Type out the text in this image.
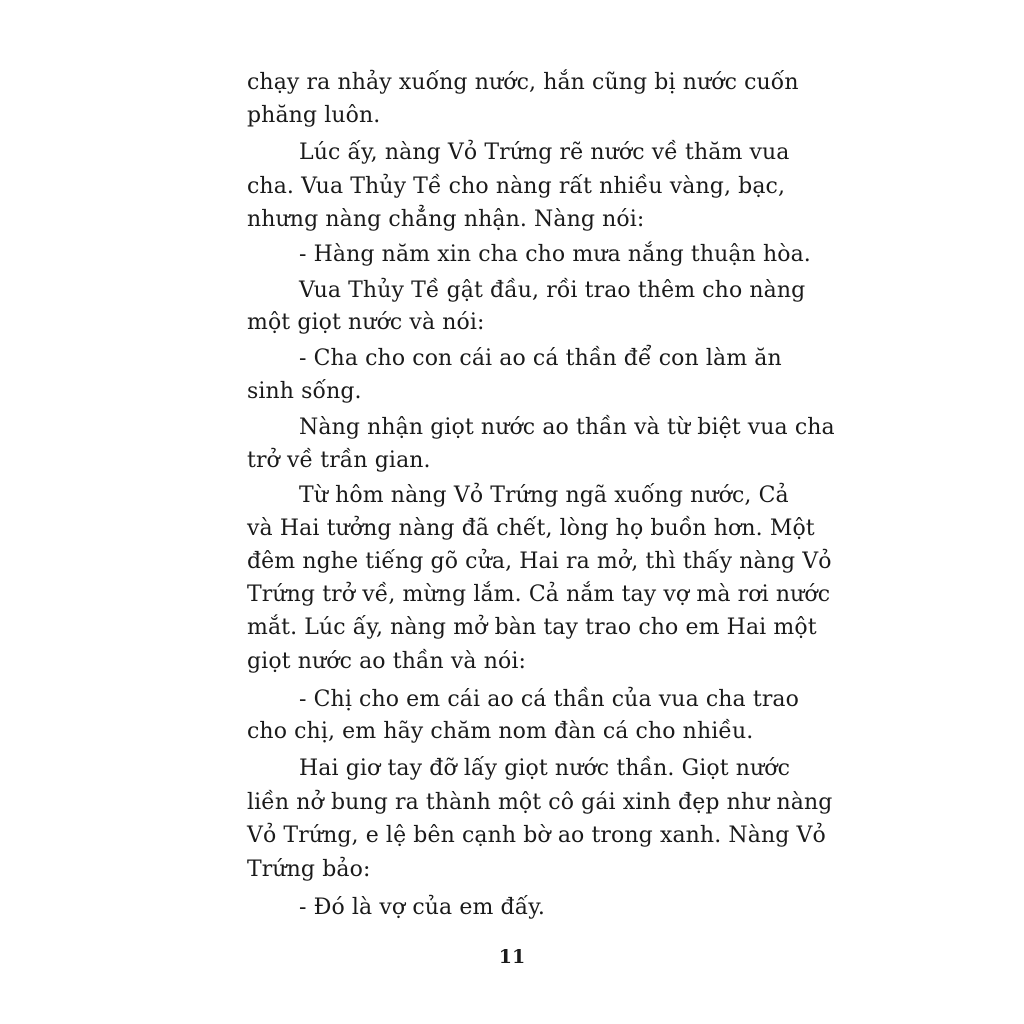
chạy ra nhảy xuống nước, hắn cũng bị nước cuốn
phăng luôn.
Lúc ấy, nàng Vỏ Trứng rẽ nước về thăm vua
cha. Vua Thủy Tề cho nàng rất nhiều vàng, bạc,
nhưng nàng chẳng nhận. Nàng nói:
- Hàng năm xin cha cho mưa nắng thuận hòa.
Vua Thủy Tề gật đầu, rồi trao thêm cho nàng
một giọt nước và nói:
- Cha cho con cái ao cá thần để con làm ăn
sinh sống.
Nàng nhận giọt nước ao thần và từ biệt vua cha
trở về trần gian.
Từ hôm nàng Vỏ Trứng ngã xuống nước, Cả
và Hai tưởng nàng đã chết, lòng họ buồn hơn. Một
đêm nghe tiếng gõ cửa, Hai ra mở, thì thấy nàng Vỏ
Trứng trở về, mừng lắm. Cả nắm tay vợ mà rơi nước
mắt. Lúc ấy, nàng mở bàn tay trao cho em Hai một
giọt nước ao thần và nói:
- Chị cho em cái ao cá thần của vua cha trao
cho chị, em hãy chăm nom đàn cá cho nhiều.
Hai giơ tay đỡ lấy giọt nước thần. Giọt nước
liền nở bung ra thành một cô gái xinh đẹp như nàng
Vỏ Trứng, e lệ bên cạnh bờ ao trong xanh. Nàng Vỏ
Trứng bảo:
- Đó là vợ của em đấy.
11
